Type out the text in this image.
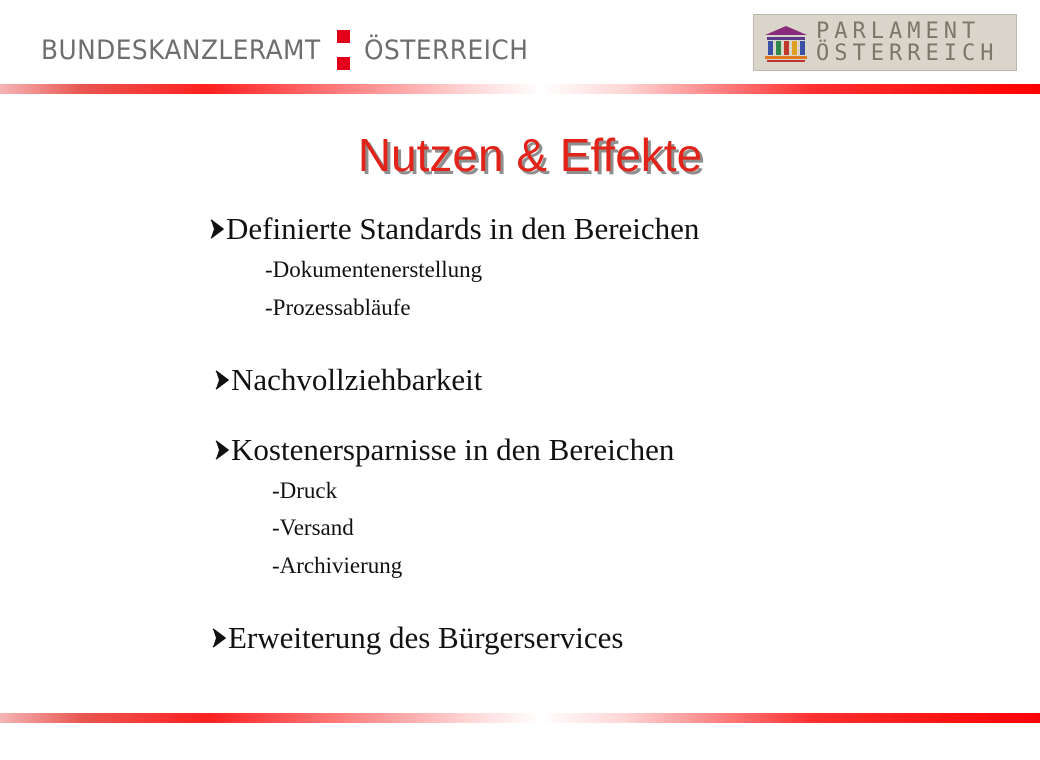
BUNDESKANZLERAMT ÖSTERREICH
PARLAMENT
ÖSTERREICH
Nutzen & Effekte
Definierte Standards in den Bereichen
-Dokumentenerstellung
-Prozessabläufe
Nachvollziehbarkeit
Kostenersparnisse in den Bereichen
-Druck
-Versand
-Archivierung
Erweiterung des Bürgerservices
